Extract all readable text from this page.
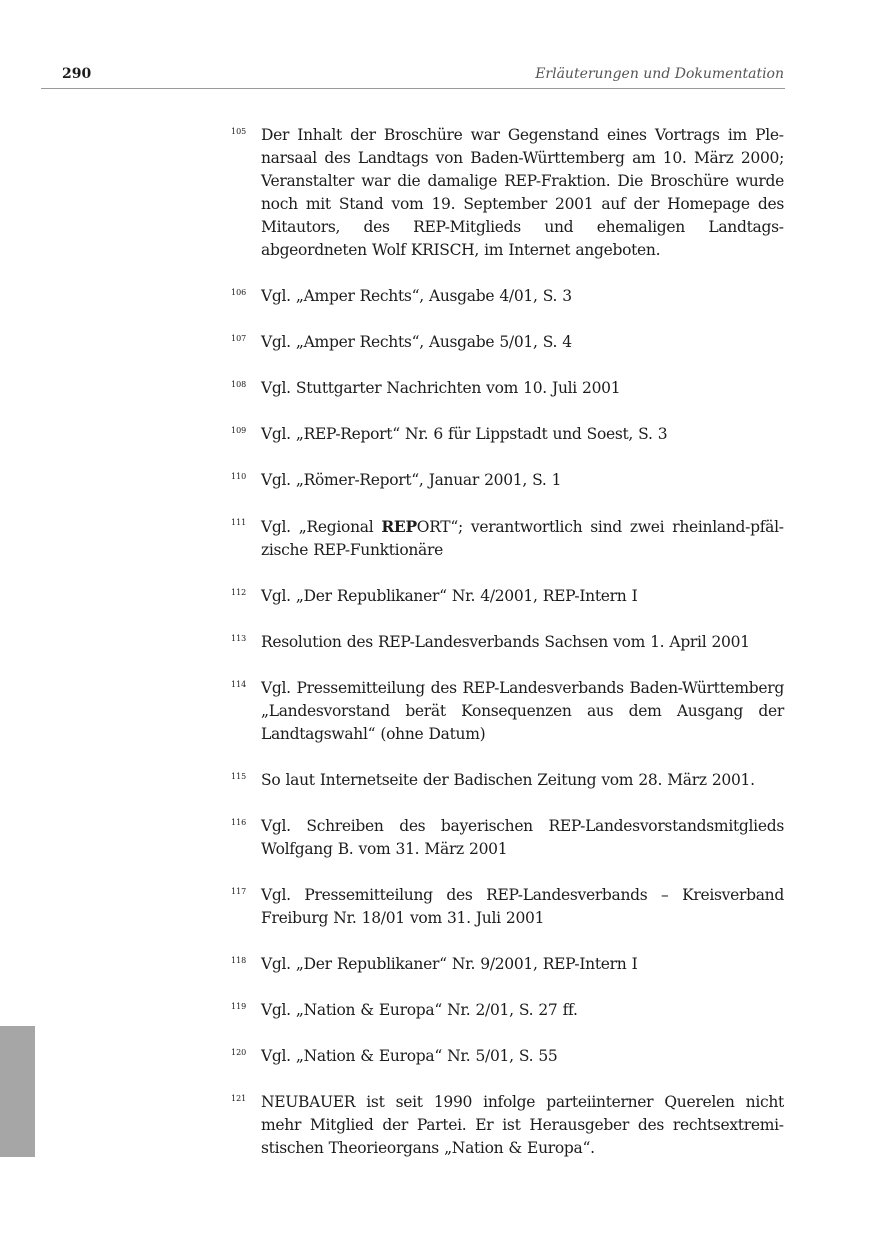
290	Erläuterungen und Dokumentation
105 Der Inhalt der Broschüre war Gegenstand eines Vortrags im Plenarsaal des Landtags von Baden-Württemberg am 10. März 2000; Veranstalter war die damalige REP-Fraktion. Die Broschüre wurde noch mit Stand vom 19. September 2001 auf der Homepage des Mitautors, des REP-Mitglieds und ehemaligen Landtagsabgeordneten Wolf KRISCH, im Internet angeboten.
106 Vgl. „Amper Rechts“, Ausgabe 4/01, S. 3
107 Vgl. „Amper Rechts“, Ausgabe 5/01, S. 4
108 Vgl. Stuttgarter Nachrichten vom 10. Juli 2001
109 Vgl. „REP-Report“ Nr. 6 für Lippstadt und Soest, S. 3
110 Vgl. „Römer-Report“, Januar 2001, S. 1
111 Vgl. „Regional REPORT“; verantwortlich sind zwei rheinland-pfälzische REP-Funktionäre
112 Vgl. „Der Republikaner“ Nr. 4/2001, REP-Intern I
113 Resolution des REP-Landesverbands Sachsen vom 1. April 2001
114 Vgl. Pressemitteilung des REP-Landesverbands Baden-Württemberg „Landesvorstand berät Konsequenzen aus dem Ausgang der Landtagswahl“ (ohne Datum)
115 So laut Internetseite der Badischen Zeitung vom 28. März 2001.
116 Vgl. Schreiben des bayerischen REP-Landesvorstandsmitglieds Wolfgang B. vom 31. März 2001
117 Vgl. Pressemitteilung des REP-Landesverbands – Kreisverband Freiburg Nr. 18/01 vom 31. Juli 2001
118 Vgl. „Der Republikaner“ Nr. 9/2001, REP-Intern I
119 Vgl. „Nation & Europa“ Nr. 2/01, S. 27 ff.
120 Vgl. „Nation & Europa“ Nr. 5/01, S. 55
121 NEUBAUER ist seit 1990 infolge parteiinterner Querelen nicht mehr Mitglied der Partei. Er ist Herausgeber des rechtsextremistischen Theorieorgans „Nation & Europa“.
